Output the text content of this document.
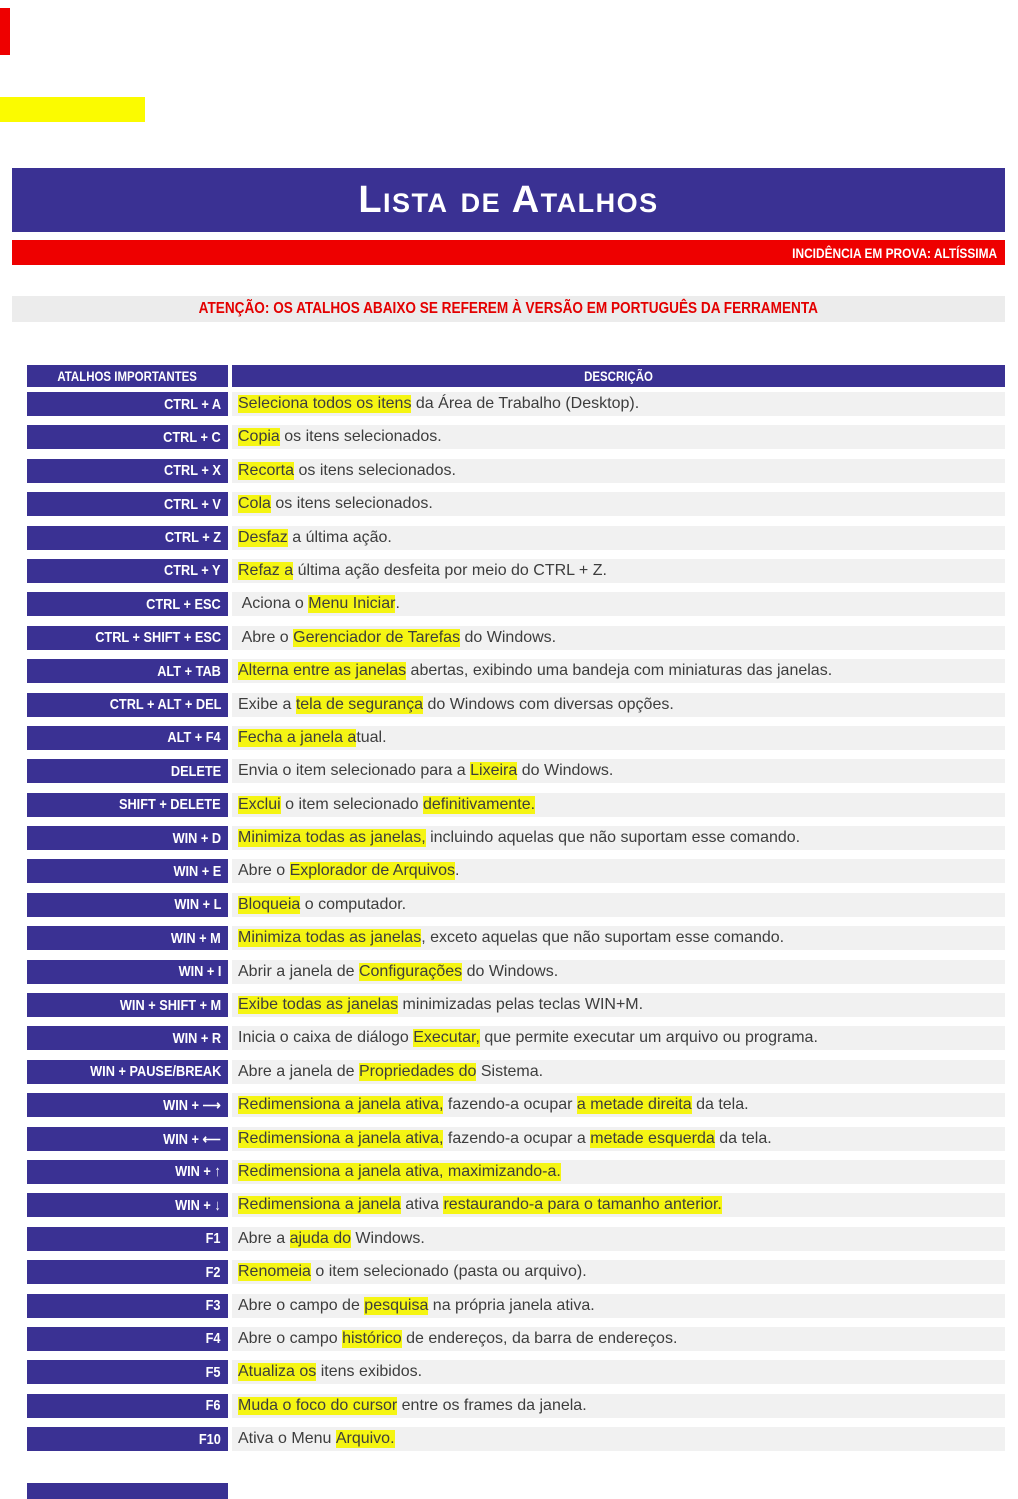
Lista de Atalhos
INCIDÊNCIA EM PROVA: ALTÍSSIMA
ATENÇÃO: OS ATALHOS ABAIXO SE REFEREM À VERSÃO EM PORTUGUÊS DA FERRAMENTA
ATALHOS IMPORTANTES	DESCRIÇÃO
CTRL + A Seleciona todos os itens da Área de Trabalho (Desktop).
CTRL + C Copia os itens selecionados.
CTRL + X Recorta os itens selecionados.
CTRL + V Cola os itens selecionados.
CTRL + Z Desfaz a última ação.
CTRL + Y Refaz a última ação desfeita por meio do CTRL + Z.
CTRL + ESC Aciona o Menu Iniciar .
CTRL + SHIFT + ESC Abre o Gerenciador de Tarefas do Windows.
ALT + TAB Alterna entre as janelas abertas, exibindo uma bandeja com miniaturas das janelas.
CTRL + ALT + DEL Exibe a tela de segurança do Windows com diversas opções.
ALT + F4 Fecha a janela a tual.
DELETE Envia o item selecionado para a Lixeira do Windows.
SHIFT + DELETE Exclui o item selecionado definitivamente.
WIN + D Minimiza todas as janelas, incluindo aquelas que não suportam esse comando.
WIN + E Abre o Explorador de Arquivos .
WIN + L Bloqueia o computador.
WIN + M Minimiza todas as janelas , exceto aquelas que não suportam esse comando.
WIN + I Abrir a janela de Configurações do Windows.
WIN + SHIFT + M Exibe todas as janelas minimizadas pelas teclas WIN+M.
WIN + R Inicia o caixa de diálogo Executar, que permite executar um arquivo ou programa.
WIN + PAUSE/BREAK Abre a janela de Propriedades do Sistema.
WIN + ⟶ Redimensiona a janela ativa, fazendo-a ocupar a metade direita da tela.
WIN + ⟵ Redimensiona a janela ativa, fazendo-a ocupar a metade esquerda da tela.
WIN + ↑ Redimensiona a janela ativa, maximizando-a.
WIN + ↓ Redimensiona a janela ativa restaurando-a para o tamanho anterior.
F1 Abre a ajuda do Windows.
F2 Renomeia o item selecionado (pasta ou arquivo).
F3 Abre o campo de pesquisa na própria janela ativa.
F4 Abre o campo histórico de endereços, da barra de endereços.
F5 Atualiza os itens exibidos.
F6 Muda o foco do cursor entre os frames da janela.
F10 Ativa o Menu Arquivo.
